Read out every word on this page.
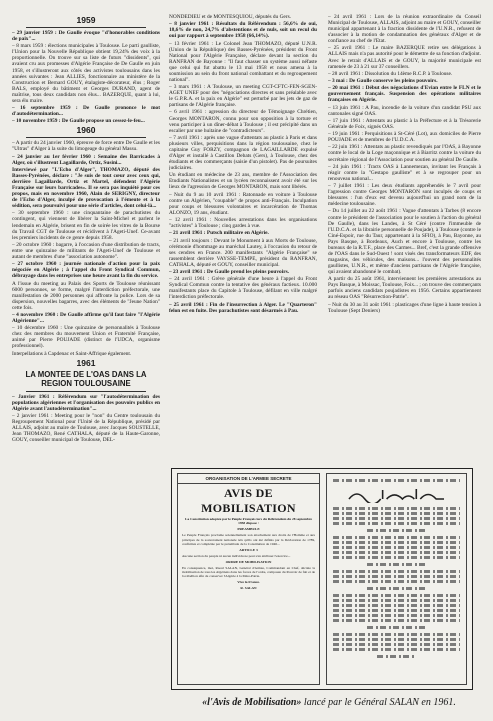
1959

– 29 janvier 1959 : De Gaulle évoque "d'honorables conditions de paix"...

– 8 mars 1959 : élections municipales à Toulouse. Le parti gaulliste, l'Union pour la Nouvelle République obtient 19,24% des voix à la proportionnelle. On trouve sur sa liste de futurs "dissidents", qui avaient cru aux promesses d'Algérie Française de De Gaulle en juin 1958, et s'illustreront aux côtés des activistes toulousains dans les années suivantes : Jean ALLIES, fonctionnaire au ministère de la Construction et Bernard GOUY, étalagiste-décorateur, élus ; Roger BALS, employé du bâtiment et Georges DURAND, agent de maîtrise, tous deux candidats non élus... BAZERQUE, quant à lui, sera élu maire.

– 16 septembre 1959 : De Gaulle prononce le mot d'autodétermination...

– 10 novembre 1959 : De Gaulle propose un cessez-le-feu...

1960

– A partir du 24 janvier 1960, épreuve de force entre De Gaulle et les "Ultras" d'Alger à la suite du limogeage du général Massu.

– 24 janvier au 1er février 1960 : Semaine des Barricades à Alger, où s'illustrent Lagaillarde, Ortiz, Susini...

Interviewé par "L'Echo d'Alger", THOMAZO, député des Basses-Pyrénées, déclare : "Je suis de tout cœur avec ceux qui, derrière Lagaillarde, Ortiz et Martel, défendent l'Algérie Française sur leurs barricades». Il se sera pas inquiété pour ces propos, mais en novembre 1960, Alain de SERIGNY, directeur de l'Echo d'Alger, inculpé de provocation à l'émeute et à la sédition, sera poursuivi pour une série d'articles, dont celui-là...

– 30 septembre 1960 : une cinquantaine de parachutistes du contingent, qui viennent de libérer la Saint-Michel et parlent le lendemain en Algérie, brisent en fin de soirée les vitres de la Bourse du Travail CGT de Toulouse et récidivent à l'Ageti-Unef. Ce-avant les premiers incidents de ce genre depuis 1958.

– 20 octobre 1960 : bagarre, à l'occasion d'une distribution de tracts, entre une quinzaine de militants de l'Ageti-Unef de Toulouse et autant de membres d'une "association autonome".

– 27 octobre 1960 : journée nationale d'action pour la paix négociée en Algérie ; à l'appel du Front Syndical Commun, débrayage dans les entreprises une heure avant la fin du service.

A l'issue du meeting au Palais des Sports de Toulouse réunissant 6000 personnes, se forme, malgré l'interdiction préfectorale, une manifestation de 2000 personnes qui affronte la police. Lors de sa dispersion, nouvelles bagarres, avec des éléments de "Jeune Nation" cette fois.

– 4 novembre 1960 : De Gaulle affirme qu'il faut faire "l'Algérie Algérienne"...

– 10 décembre 1960 : Une quinzaine de personnalités à Toulouse chez des membres du mouvement Union et Fraternité Française, animé par Pierre POUJADE (distinct de l'UDCA, organisme professionnel).

Interpellations à Capdenac et Saint-Affrique également.

1961
LA MONTEE DE L'OAS DANS LA REGION TOULOUSAINE

– Janvier 1961 : Référendum sur "l'autodétermination des populations algériennes et l'organisation des pouvoirs publics en Algérie avant l'autodétermination"...

– 2 janvier 1961 : Meeting pour le "non" du Centre toulousain du Regroupement National pour l'Unité de la République, présidé par ALLAIS, adjoint au maire de Toulouse, avec Jacques SOUSTELLE, Jean THOMAZO, René CATHALA, député de la Haute-Garonne, GOUY, conseiller municipal de Toulouse, DEL-

NONDEDIEU et de MONTESQUIOU, députés du Gers.

– 8 janvier 1961 : Résultats du Référendum : 56,6% de oui, 18,6% de non, 24,7% d'abstentions et de nuls, soit un recul du oui par rapport à septembre 1958 (66,14%).

– 13 février 1961 : Le Colonel Jean THOMAZO, député U.N.R. (Union de la République) des Basses-Pyrénées, président du Front National pour l'Algérie Française, déclare devant la section du RANFRAN de Bayonne : "Il faut chasser un système aussi néfaste que celui qui fut abattu le 13 mai 1958 et nous amena à la soumission au sein du front national combattant et du regroupement national".

– 3 mars 1961 : A Toulouse, un meeting CGT-CFTC-FEN-SGEN-AGET UNEF pour des "négociations directes et sans préalable avec le G.P.R.A. et la paix en Algérie" est perturbé par les jets de gaz de partisans de l'Algérie française.

– 6 avril 1961 : agression du directeur de Témoignage Chrétien, Georges MONTARON, connu pour son opposition à la torture et venu participer à un dîner-débat à Toulouse ; il est précipité dans un escalier par une huitaine de "contradicteurs".

– 7 avril 1961 : après une vague d'attentats au plastic à Paris et dans plusieurs villes, perquisitions dans la région toulousaine, chez le capitaine Guy FORZY, compagnon de LAGAILLARDE expulsé d'Alger et installé à Castillon Debats (Gers), à Toulouse, chez des étudiants et des commerçants (saisie d'un pistolet). Pas de poursuites judiciaires.

Un étudiant en médecine de 23 ans, membre de l'Association des Etudiants Nationalistes et un lycéen reconnaissent avoir été sur les lieux de l'agression de Georges MONTARON, mais sont libérés.

– Nuit du 9 au 10 avril 1961 : Ratonnade en voiture à Toulouse contre un Algérien, "coupable" de propos anti-Français. Inculpation pour coups et blessures volontaires et incarcération de Thomas ALONZO, 19 ans, étudiant.

– 12 avril 1961 : Nouvelles arrestations dans les organisations "activistes" à Toulouse ; cinq gardes à vue.

– 21 avril 1961 : Putsch militaire en Algérie.

– 21 avril toujours : Devant le Monument à aux Morts de Toulouse, cérémonie d'hommage au maréchal Lautey, à l'occasion du retour de ses cendres en France. 200 manifestants "Algérie Française" se rassemblent derrière VAYSSE-TEMPE, président du RANFRAN, CATHALA, député et GOUY, conseiller municipal.

– 23 avril 1961 : De Gaulle prend les pleins pouvoirs.

– 24 avril 1961 : Grève générale d'une heure à l'appel du Front Syndical Commun contre la tentative des généraux factieux. 10.000 manifestants place du Capitole à Toulouse, défilant en ville malgré l'interdiction préfectorale.

– 25 avril 1961 : Fin de l'insurrection à Alger. Le "Quarteron" felon est en fuite. Des parachutistes sont désarmés à Pau.

– 24 avril 1961 : Lors de la réunion extraordinaire du Conseil Municipal de Toulouse, ALLAIS, adjoint au maire et GOUY, conseiller municipal appartenant à la fraction dissidente de l'U.N.R., refusent de s'associer à la motion de condamnation des généraux d'Alger et de confiance au chef de l'Etat.

– 25 avril 1961 : Le maire BAZERQUE retire ses délégations à ALLAIS mais n'a pas autorité pour le démettre de sa fonction d'adjoint. Avec le retrait d'ALLAIS et de GOUY, la majorité municipale est ramenée de 23 à 21 sur 37 conseillers.

– 28 avril 1961 : Dissolution du 14ème R.C.P. à Toulouse.

– 3 mai : De Gaulle conserve les pleins pouvoirs.

– 20 mai 1961 : Début des négociations d'Evian entre le FLN et le gouvernement français. Suspension des opérations militaires françaises en Algérie.

– 13 juin 1961 : A Pau, incendie de la voiture d'un candidat PSU aux cantonales signé OAS.

– 17 juin 1961 : Attentats au plastic à la Préfecture et à la Trésorerie Générale de Foix, signés OAS.

– 19 juin 1961 : Perquisitions à St-Céré (Lot), aux domiciles de Pierre POUJADE et de membres de l'U.D.C.A.

– 22 juin 1961 : Attentats au plastic revendiqués par l'OAS, à Bayonne contre le local de la Loge maçonnique et à Biarritz contre la voiture du secrétaire régional de l'Association pour soutien au général De Gaulle.

– 24 juin 1961 : Tracts OAS à Lannemezan, invitant les Français à réagir contre la "Gestapo gaulliste" et à se regrouper pour un renouveau national...

– 7 juillet 1961 : Les deux étudiants appréhendés le 7 avril pour l'agression contre Georges MONTARON sont inculpés de coups et blessures : l'un d'eux est devenu aujourd'hui un grand nom de la médecine toulousaine.

– Du 14 juillet au 22 août 1961 : Vague d'attentats à Tarbes (8 encore contre le président de l'association pour le soutien à l'action du général De Gaulle), dans les Landes, à St Céré (contre l'immeuble de l'U.D.C.A. et la librairie personnelle de Poujade), à Toulouse (contre le Ciné-Espoir, rue du Taur, appartenant à la SFIO), à Pau, Bayonne, au Pays Basque, à Bordeaux, Auch et encore à Toulouse, contre les bureaux de la R.T.F., place des Carmes... Bref, c'est la grande offensive de l'OAS dans le Sud-Ouest ! sont visés des transformateurs EDF, des magasins, des véhicules, des maisons... l'ouvent des personnalités gaullistes, U.N.R., et même d'anciens partisans de l'Algérie française, qui avaient abandonné le combat).

A partir du 25 août 1961, interviennent les premières arrestations au Pays Basque, à Moissac, Toulouse, Foix... ; on trouve des commerçants parfois anciens candidats poujadistes en 1956. Certains appartiennent au réseau OAS "Résurrection-Patrie".

– Nuit du 30 au 31 août 1961 : plasticages d'une ligne à haute tension à Toulouse (Sept Deniers)

ORGANISATION DE L'ARMEE SECRETE
AVIS DE MOBILISATION

La Constitution adoptée par le Peuple Français lors du Référendum du 28 septembre 1958 dispose :

PREAMBULE

Le Peuple Français proclame solennellement son attachement aux droits de l'Homme et aux principes de la souveraineté nationale tels qu'ils ont été définis par la Déclaration de 1789, confirmée et complétée par le préambule de la Constitution de 1946...

ARTICLE 3

Aucune section du peuple ni aucun individu ne peut s'en attribuer l'exercice...

ORDRE DE MOBILISATION

En conséquence, moi, Raoul SALAN, Général d'Armée, Commandant en Chef, décrète la mobilisation de tous les Algériens dans les forces de l'ordre, composée du Pouvoir de fait et de la rébellion afin de conserver l'Algérie à la Mère-Patrie.

Vive la France.

R. SALAN

«l'Avis de Mobilisation» lancé par le Général SALAN en 1961.
